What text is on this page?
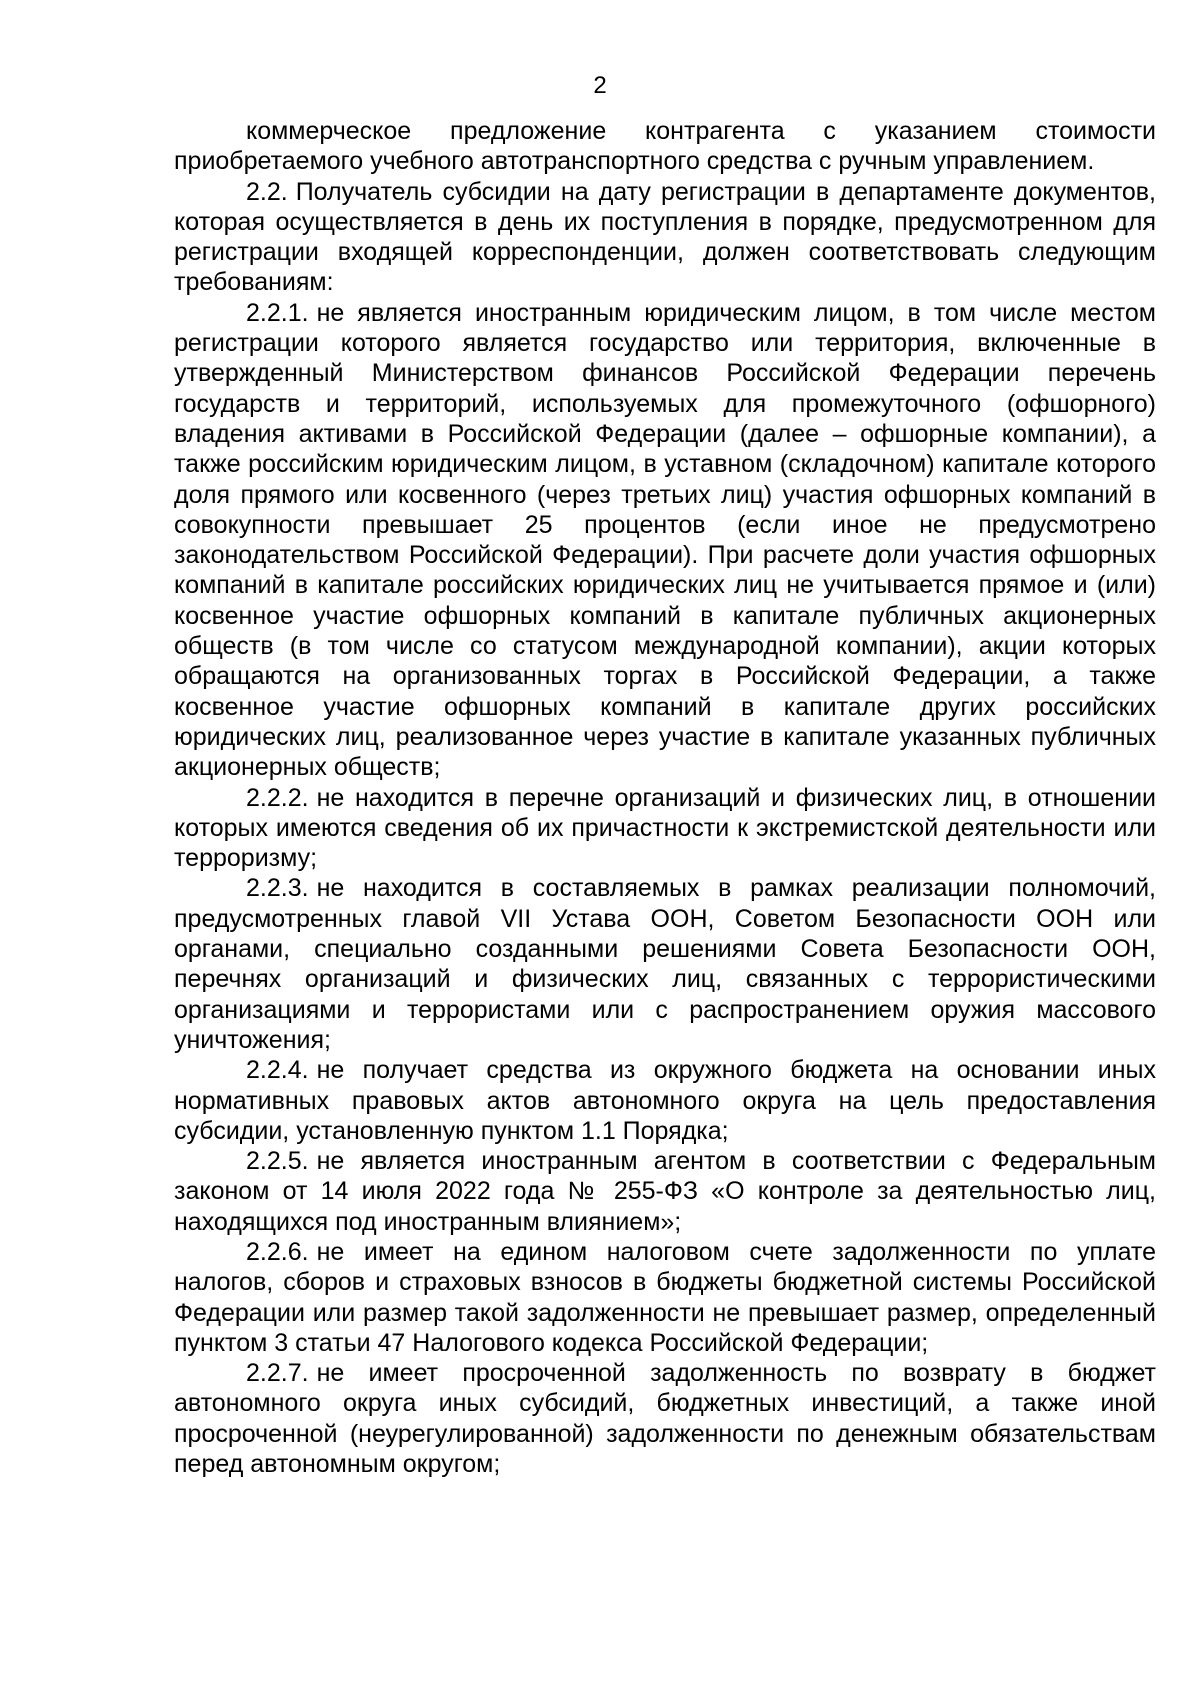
2

коммерческое предложение контрагента с указанием стоимости приобретаемого учебного автотранспортного средства с ручным управлением.

2.2. Получатель субсидии на дату регистрации в департаменте документов, которая осуществляется в день их поступления в порядке, предусмотренном для регистрации входящей корреспонденции, должен соответствовать следующим требованиям:

2.2.1. не является иностранным юридическим лицом, в том числе местом регистрации которого является государство или территория, включенные в утвержденный Министерством финансов Российской Федерации перечень государств и территорий, используемых для промежуточного (офшорного) владения активами в Российской Федерации (далее – офшорные компании), а также российским юридическим лицом, в уставном (складочном) капитале которого доля прямого или косвенного (через третьих лиц) участия офшорных компаний в совокупности превышает 25 процентов (если иное не предусмотрено законодательством Российской Федерации). При расчете доли участия офшорных компаний в капитале российских юридических лиц не учитывается прямое и (или) косвенное участие офшорных компаний в капитале публичных акционерных обществ (в том числе со статусом международной компании), акции которых обращаются на организованных торгах в Российской Федерации, а также косвенное участие офшорных компаний в капитале других российских юридических лиц, реализованное через участие в капитале указанных публичных акционерных обществ;

2.2.2. не находится в перечне организаций и физических лиц, в отношении которых имеются сведения об их причастности к экстремистской деятельности или терроризму;

2.2.3. не находится в составляемых в рамках реализации полномочий, предусмотренных главой VII Устава ООН, Советом Безопасности ООН или органами, специально созданными решениями Совета Безопасности ООН, перечнях организаций и физических лиц, связанных с террористическими организациями и террористами или с распространением оружия массового уничтожения;

2.2.4. не получает средства из окружного бюджета на основании иных нормативных правовых актов автономного округа на цель предоставления субсидии, установленную пунктом 1.1 Порядка;

2.2.5. не является иностранным агентом в соответствии с Федеральным законом от 14 июля 2022 года № 255-ФЗ «О контроле за деятельностью лиц, находящихся под иностранным влиянием»;

2.2.6. не имеет на едином налоговом счете задолженности по уплате налогов, сборов и страховых взносов в бюджеты бюджетной системы Российской Федерации или размер такой задолженности не превышает размер, определенный пунктом 3 статьи 47 Налогового кодекса Российской Федерации;

2.2.7. не имеет просроченной задолженность по возврату в бюджет автономного округа иных субсидий, бюджетных инвестиций, а также иной просроченной (неурегулированной) задолженности по денежным обязательствам перед автономным округом;
